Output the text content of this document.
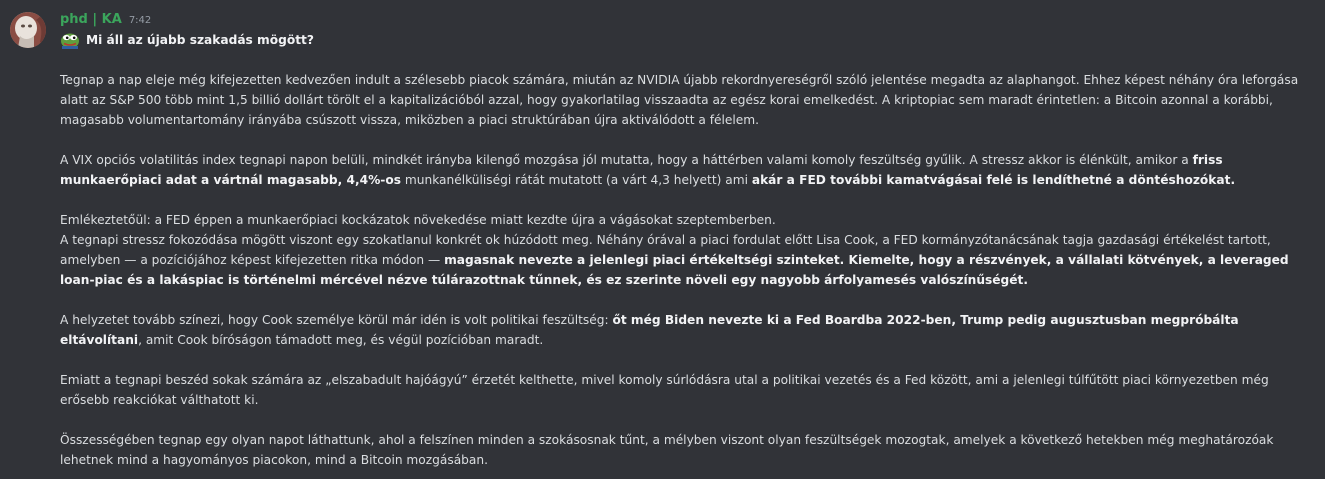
phd | KA 7:42
Mi áll az újabb szakadás mögött?

Tegnap a nap eleje még kifejezetten kedvezően indult a szélesebb piacok számára, miután az NVIDIA újabb rekordnyereségről szóló jelentése megadta az alaphangot. Ehhez képest néhány óra leforgása alatt az S&P 500 több mint 1,5 billió dollárt törölt el a kapitalizációból azzal, hogy gyakorlatilag visszaadta az egész korai emelkedést. A kriptopiac sem maradt érintetlen: a Bitcoin azonnal a korábbi, magasabb volumentartomány irányába csúszott vissza, miközben a piaci struktúrában újra aktiválódott a félelem.

A VIX opciós volatilitás index tegnapi napon belüli, mindkét irányba kilengő mozgása jól mutatta, hogy a háttérben valami komoly feszültség gyűlik. A stressz akkor is élénkült, amikor a friss munkaerőpiaci adat a vártnál magasabb, 4,4%-os munkanélküliségi rátát mutatott (a várt 4,3 helyett) ami akár a FED további kamatvágásai felé is lendíthetné a döntéshozókat.

Emlékeztetőül: a FED éppen a munkaerőpiaci kockázatok növekedése miatt kezdte újra a vágásokat szeptemberben.

A tegnapi stressz fokozódása mögött viszont egy szokatlanul konkrét ok húzódott meg. Néhány órával a piaci fordulat előtt Lisa Cook, a FED kormányzótanácsának tagja gazdasági értékelést tartott, amelyben — a pozíciójához képest kifejezetten ritka módon — magasnak nevezte a jelenlegi piaci értékeltségi szinteket. Kiemelte, hogy a részvények, a vállalati kötvények, a leveraged loan-piac és a lakáspiac is történelmi mércével nézve túlárazottnak tűnnek, és ez szerinte növeli egy nagyobb árfolyamesés valószínűségét.

A helyzetet tovább színezi, hogy Cook személye körül már idén is volt politikai feszültség: őt még Biden nevezte ki a Fed Boardba 2022-ben, Trump pedig augusztusban megpróbálta eltávolítani, amit Cook bíróságon támadott meg, és végül pozícióban maradt.

Emiatt a tegnapi beszéd sokak számára az „elszabadult hajóágyú” érzetét kelthette, mivel komoly súrlódásra utal a politikai vezetés és a Fed között, ami a jelenlegi túlfűtött piaci környezetben még erősebb reakciókat válthatott ki.

Összességében tegnap egy olyan napot láthattunk, ahol a felszínen minden a szokásosnak tűnt, a mélyben viszont olyan feszültségek mozogtak, amelyek a következő hetekben még meghatározóak lehetnek mind a hagyományos piacokon, mind a Bitcoin mozgásában.
